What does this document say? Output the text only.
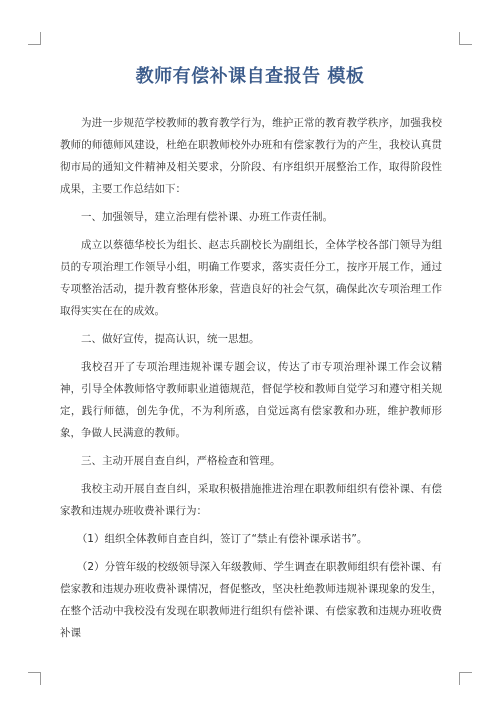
教师有偿补课自查报告 模板

为进一步规范学校教师的教育教学行为，维护正常的教育教学秩序，加强我校教师的师德师风建设，杜绝在职教师校外办班和有偿家教行为的产生，我校认真贯彻市局的通知文件精神及相关要求，分阶段、有序组织开展整治工作，取得阶段性成果，主要工作总结如下：

一、加强领导，建立治理有偿补课、办班工作责任制。

成立以蔡德华校长为组长、赵志兵副校长为副组长，全体学校各部门领导为组员的专项治理工作领导小组，明确工作要求，落实责任分工，按序开展工作，通过专项整治活动，提升教育整体形象，营造良好的社会气氛，确保此次专项治理工作取得实实在在的成效。

二、做好宣传，提高认识，统一思想。

我校召开了专项治理违规补课专题会议，传达了市专项治理补课工作会议精神，引导全体教师恪守教师职业道德规范，督促学校和教师自觉学习和遵守相关规定，践行师德，创先争优，不为利所惑，自觉远离有偿家教和办班，维护教师形象，争做人民满意的教师。

三、主动开展自查自纠，严格检查和管理。

我校主动开展自查自纠，采取积极措施推进治理在职教师组织有偿补课、有偿家教和违规办班收费补课行为：

（1）组织全体教师自查自纠，签订了“禁止有偿补课承诺书”。

（2）分管年级的校级领导深入年级教师、学生调查在职教师组织有偿补课、有偿家教和违规办班收费补课情况，督促整改，坚决杜绝教师违规补课现象的发生，在整个活动中我校没有发现在职教师进行组织有偿补课、有偿家教和违规办班收费补课
